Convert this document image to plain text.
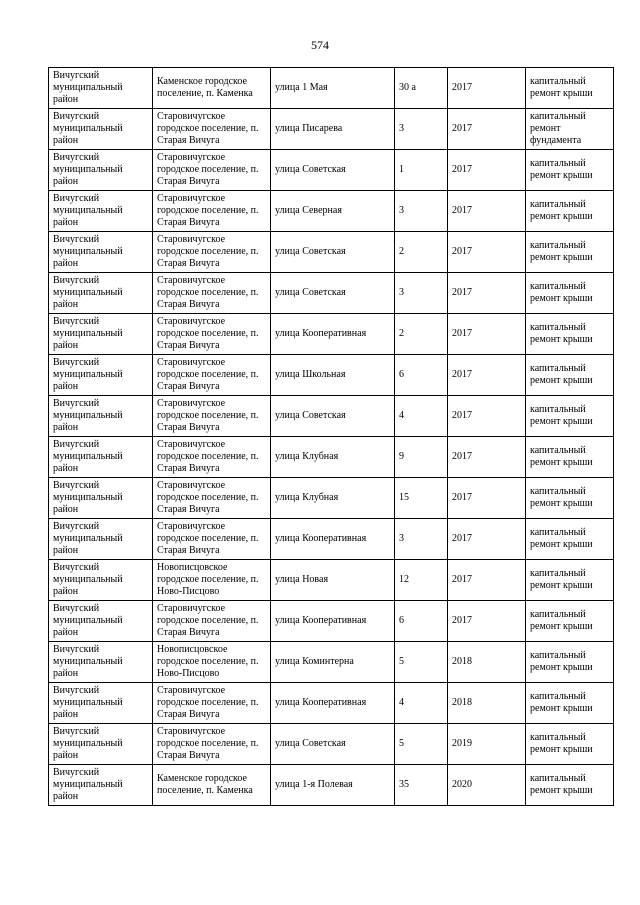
574
Вичугский муниципальный район	Каменское городское поселение, п. Каменка	улица 1 Мая	30 а	2017	капитальный ремонт крыши
Вичугский муниципальный район	Старовичугское городское поселение, п. Старая Вичуга	улица Писарева	3	2017	капитальный ремонт фундамента
Вичугский муниципальный район	Старовичугское городское поселение, п. Старая Вичуга	улица Советская	1	2017	капитальный ремонт крыши
Вичугский муниципальный район	Старовичугское городское поселение, п. Старая Вичуга	улица Северная	3	2017	капитальный ремонт крыши
Вичугский муниципальный район	Старовичугское городское поселение, п. Старая Вичуга	улица Советская	2	2017	капитальный ремонт крыши
Вичугский муниципальный район	Старовичугское городское поселение, п. Старая Вичуга	улица Советская	3	2017	капитальный ремонт крыши
Вичугский муниципальный район	Старовичугское городское поселение, п. Старая Вичуга	улица Кооперативная	2	2017	капитальный ремонт крыши
Вичугский муниципальный район	Старовичугское городское поселение, п. Старая Вичуга	улица Школьная	6	2017	капитальный ремонт крыши
Вичугский муниципальный район	Старовичугское городское поселение, п. Старая Вичуга	улица Советская	4	2017	капитальный ремонт крыши
Вичугский муниципальный район	Старовичугское городское поселение, п. Старая Вичуга	улица Клубная	9	2017	капитальный ремонт крыши
Вичугский муниципальный район	Старовичугское городское поселение, п. Старая Вичуга	улица Клубная	15	2017	капитальный ремонт крыши
Вичугский муниципальный район	Старовичугское городское поселение, п. Старая Вичуга	улица Кооперативная	3	2017	капитальный ремонт крыши
Вичугский муниципальный район	Новописцовское городское поселение, п. Ново-Писцово	улица Новая	12	2017	капитальный ремонт крыши
Вичугский муниципальный район	Старовичугское городское поселение, п. Старая Вичуга	улица Кооперативная	6	2017	капитальный ремонт крыши
Вичугский муниципальный район	Новописцовское городское поселение, п. Ново-Писцово	улица Коминтерна	5	2018	капитальный ремонт крыши
Вичугский муниципальный район	Старовичугское городское поселение, п. Старая Вичуга	улица Кооперативная	4	2018	капитальный ремонт крыши
Вичугский муниципальный район	Старовичугское городское поселение, п. Старая Вичуга	улица Советская	5	2019	капитальный ремонт крыши
Вичугский муниципальный район	Каменское городское поселение, п. Каменка	улица 1-я Полевая	35	2020	капитальный ремонт крыши
